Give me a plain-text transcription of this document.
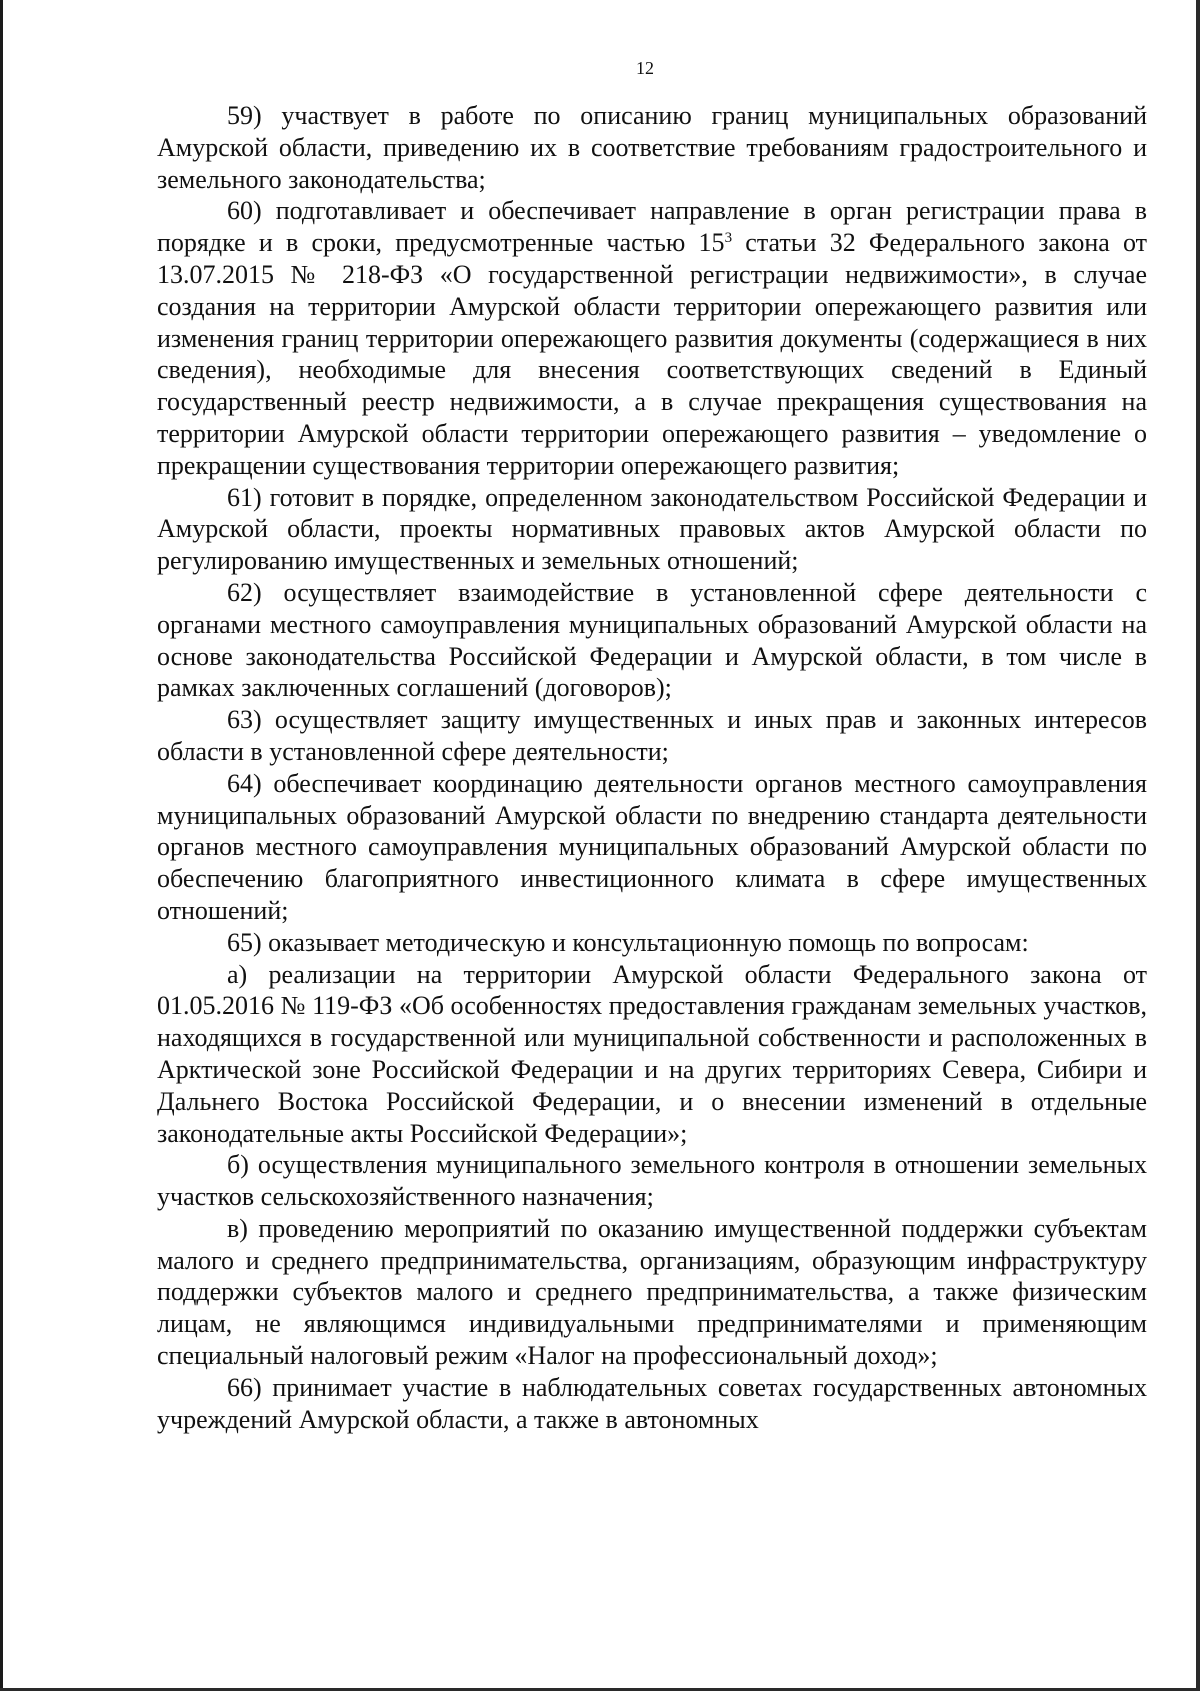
12

59) участвует в работе по описанию границ муниципальных образований Амурской области, приведению их в соответствие требованиям градостроительного и земельного законодательства;

60) подготавливает и обеспечивает направление в орган регистрации права в порядке и в сроки, предусмотренные частью $15^3$ статьи 32 Федерального закона от 13.07.2015 № 218-ФЗ «О государственной регистрации недвижимости», в случае создания на территории Амурской области территории опережающего развития или изменения границ территории опережающего развития документы (содержащиеся в них сведения), необходимые для внесения соответствующих сведений в Единый государственный реестр недвижимости, а в случае прекращения существования на территории Амурской области территории опережающего развития – уведомление о прекращении существования территории опережающего развития;

61) готовит в порядке, определенном законодательством Российской Федерации и Амурской области, проекты нормативных правовых актов Амурской области по регулированию имущественных и земельных отношений;

62) осуществляет взаимодействие в установленной сфере деятельности с органами местного самоуправления муниципальных образований Амурской области на основе законодательства Российской Федерации и Амурской области, в том числе в рамках заключенных соглашений (договоров);

63) осуществляет защиту имущественных и иных прав и законных интересов области в установленной сфере деятельности;

64) обеспечивает координацию деятельности органов местного самоуправления муниципальных образований Амурской области по внедрению стандарта деятельности органов местного самоуправления муниципальных образований Амурской области по обеспечению благоприятного инвестиционного климата в сфере имущественных отношений;

65) оказывает методическую и консультационную помощь по вопросам:

а) реализации на территории Амурской области Федерального закона от 01.05.2016 № 119-ФЗ «Об особенностях предоставления гражданам земельных участков, находящихся в государственной или муниципальной собственности и расположенных в Арктической зоне Российской Федерации и на других территориях Севера, Сибири и Дальнего Востока Российской Федерации, и о внесении изменений в отдельные законодательные акты Российской Федерации»;

б) осуществления муниципального земельного контроля в отношении земельных участков сельскохозяйственного назначения;

в) проведению мероприятий по оказанию имущественной поддержки субъектам малого и среднего предпринимательства, организациям, образующим инфраструктуру поддержки субъектов малого и среднего предпринимательства, а также физическим лицам, не являющимся индивидуальными предпринимателями и применяющим специальный налоговый режим «Налог на профессиональный доход»;

66) принимает участие в наблюдательных советах государственных автономных учреждений Амурской области, а также в автономных
